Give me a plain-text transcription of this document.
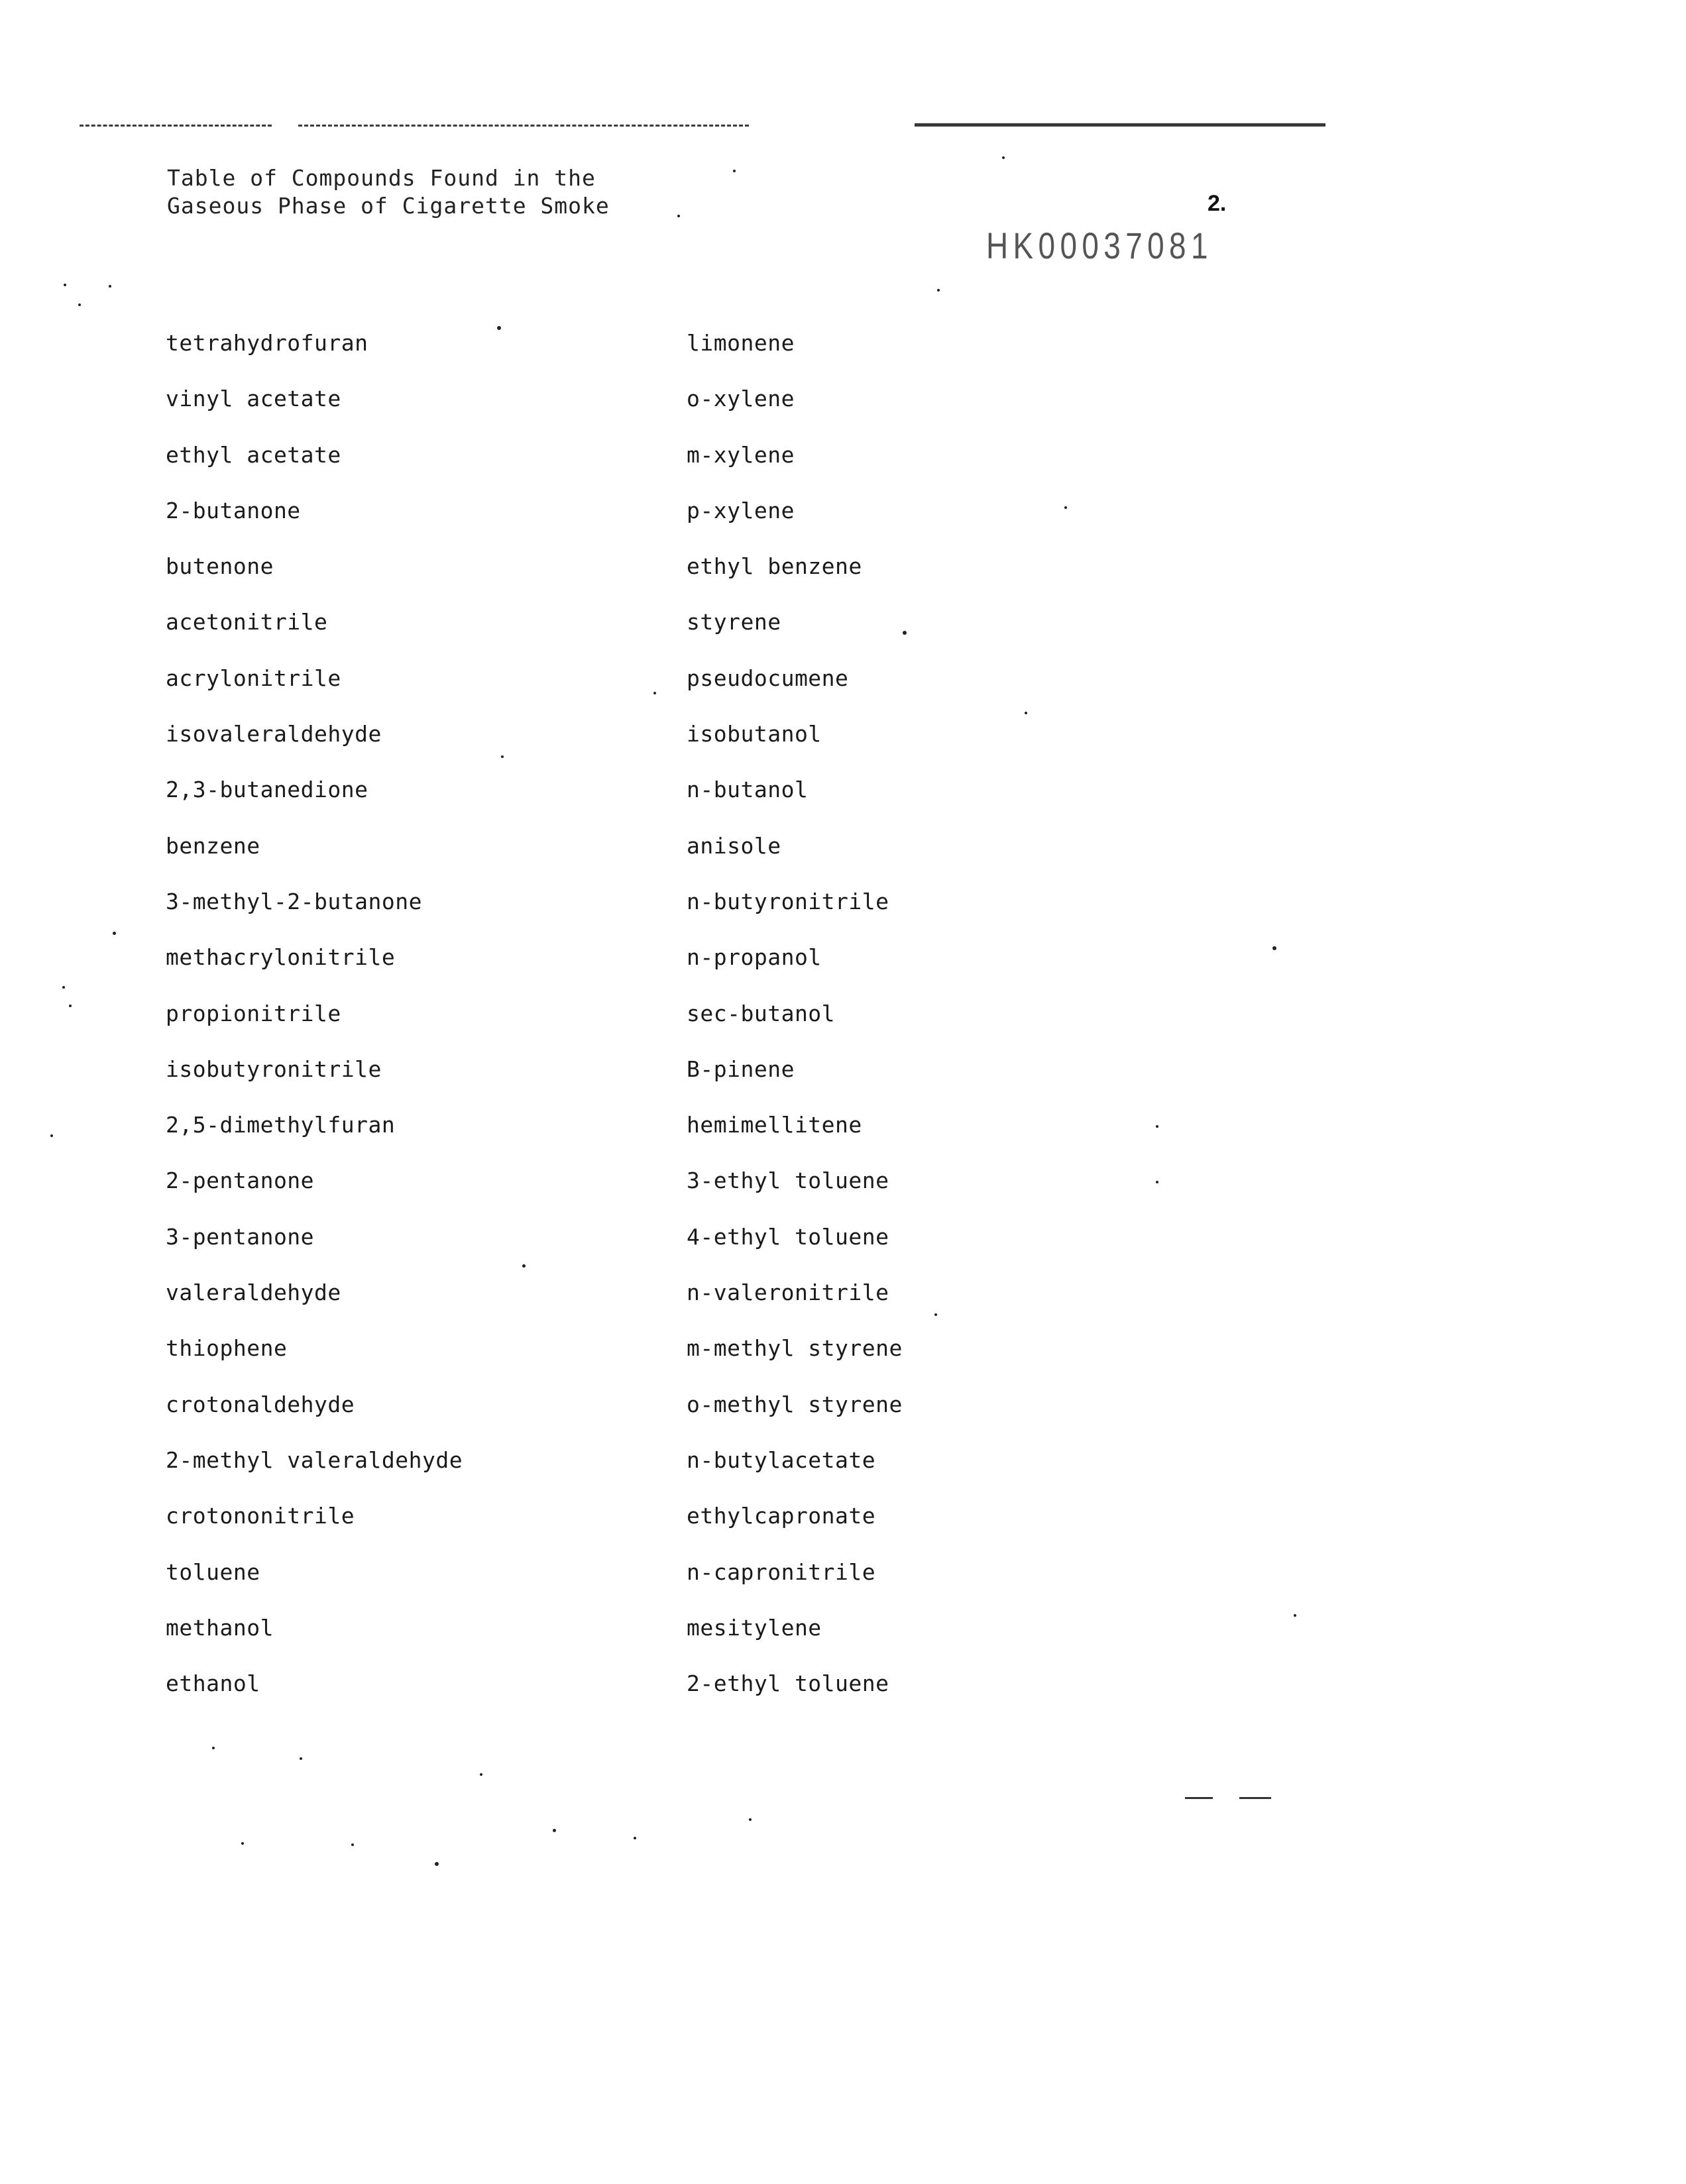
Table of Compounds Found in the
Gaseous Phase of Cigarette Smoke	2.
HK00037081
tetrahydrofuran
vinyl acetate
ethyl acetate
2-butanone
butenone
acetonitrile
acrylonitrile
isovaleraldehyde
2,3-butanedione
benzene
3-methyl-2-butanone
methacrylonitrile
propionitrile
isobutyronitrile
2,5-dimethylfuran
2-pentanone
3-pentanone
valeraldehyde
thiophene
crotonaldehyde
2-methyl valeraldehyde
crotononitrile
toluene
methanol
ethanol
limonene
o-xylene
m-xylene
p-xylene
ethyl benzene
styrene
pseudocumene
isobutanol
n-butanol
anisole
n-butyronitrile
n-propanol
sec-butanol
B-pinene
hemimellitene
3-ethyl toluene
4-ethyl toluene
n-valeronitrile
m-methyl styrene
o-methyl styrene
n-butylacetate
ethylcapronate
n-capronitrile
mesitylene
2-ethyl toluene
